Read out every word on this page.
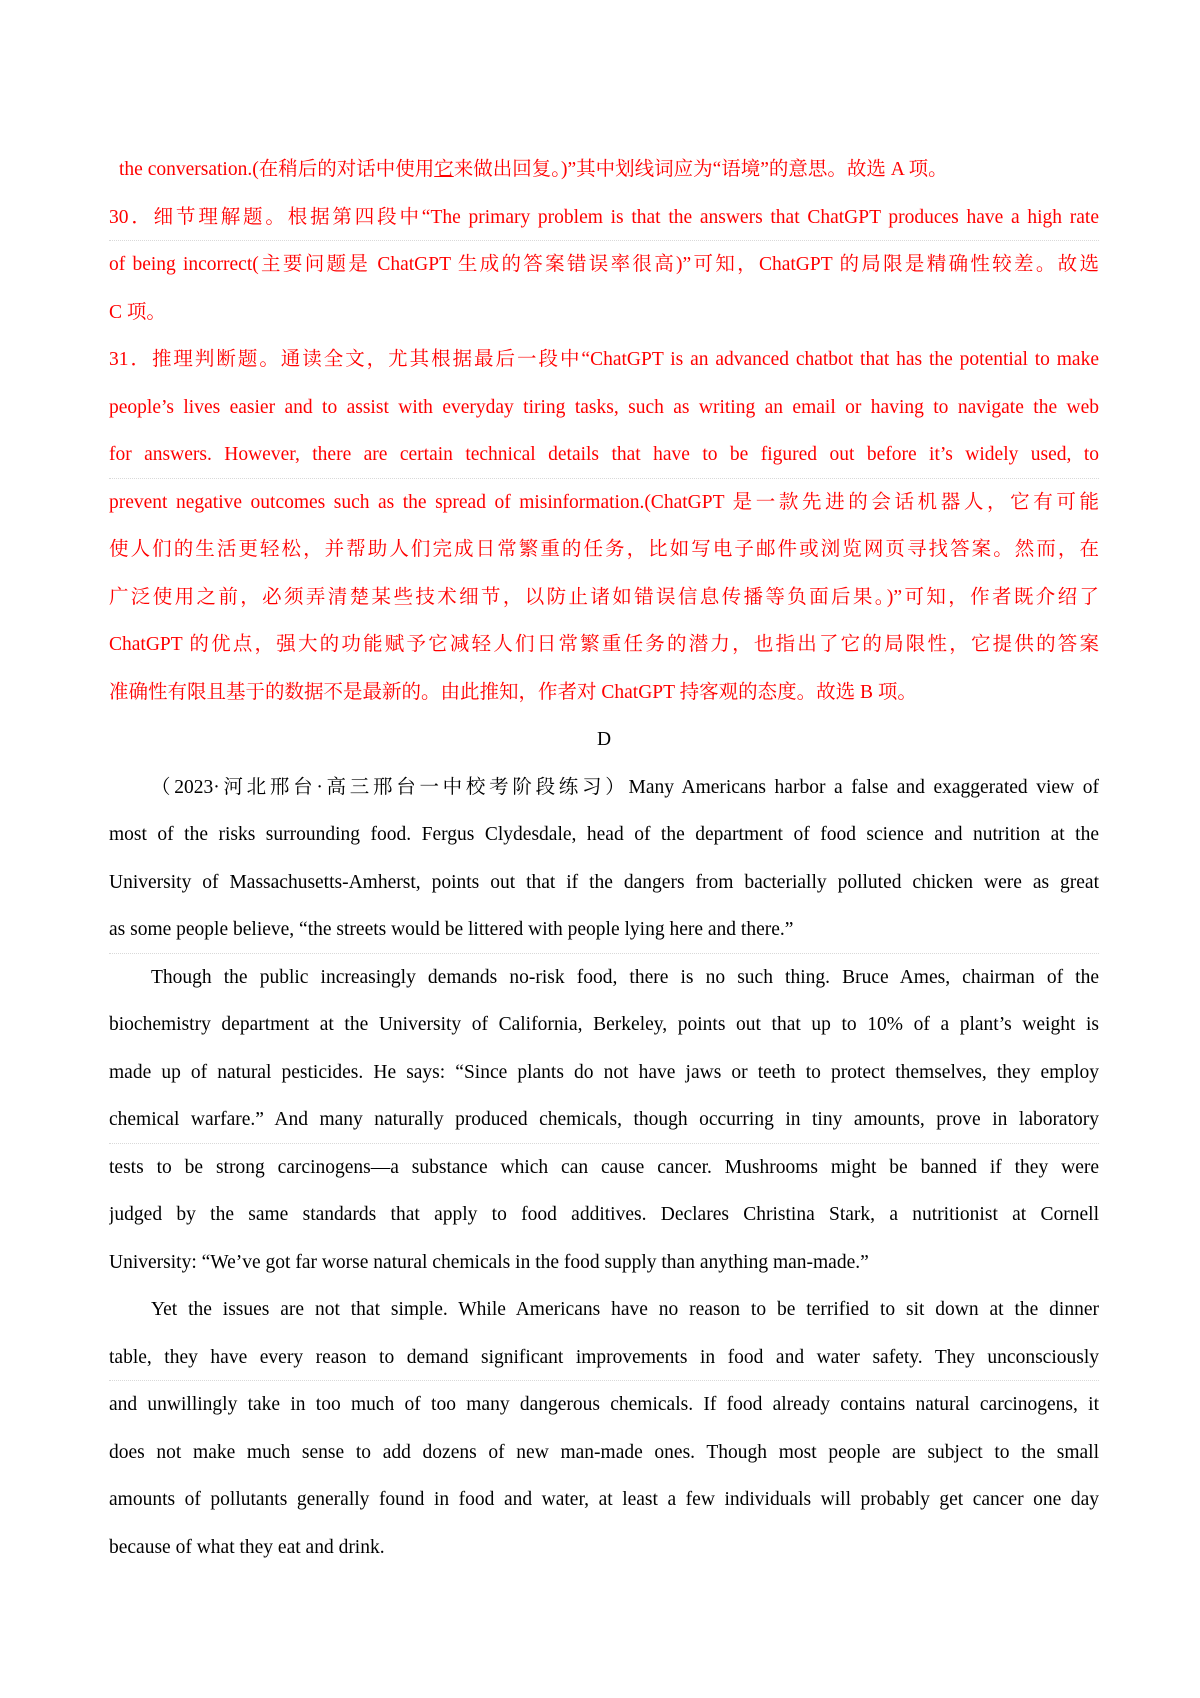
the conversation.(在稍后的对话中使用它来做出回复。)”其中划线词应为“语境”的意思。故选 A 项。
30．细节理解题。根据第四段中“The primary problem is that the answers that ChatGPT produces have a high rate
of being incorrect(主要问题是 ChatGPT 生成的答案错误率很高)”可知，ChatGPT 的局限是精确性较差。故选
C 项。
31．推理判断题。通读全文，尤其根据最后一段中“ChatGPT is an advanced chatbot that has the potential to make
people’s lives easier and to assist with everyday tiring tasks, such as writing an email or having to navigate the web
for answers. However, there are certain technical details that have to be figured out before it’s widely used, to
prevent negative outcomes such as the spread of misinformation.(ChatGPT 是一款先进的会话机器人，它有可能
使人们的生活更轻松，并帮助人们完成日常繁重的任务，比如写电子邮件或浏览网页寻找答案。然而，在
广泛使用之前，必须弄清楚某些技术细节，以防止诸如错误信息传播等负面后果。)”可知，作者既介绍了
ChatGPT 的优点，强大的功能赋予它减轻人们日常繁重任务的潜力，也指出了它的局限性，它提供的答案
准确性有限且基于的数据不是最新的。由此推知，作者对 ChatGPT 持客观的态度。故选 B 项。
D
（2023·河北邢台·高三邢台一中校考阶段练习）Many Americans harbor a false and exaggerated view of
most of the risks surrounding food. Fergus Clydesdale, head of the department of food science and nutrition at the
University of Massachusetts-Amherst, points out that if the dangers from bacterially polluted chicken were as great
as some people believe, “the streets would be littered with people lying here and there.”
Though the public increasingly demands no-risk food, there is no such thing. Bruce Ames, chairman of the
biochemistry department at the University of California, Berkeley, points out that up to 10% of a plant’s weight is
made up of natural pesticides. He says: “Since plants do not have jaws or teeth to protect themselves, they employ
chemical warfare.” And many naturally produced chemicals, though occurring in tiny amounts, prove in laboratory
tests to be strong carcinogens—a substance which can cause cancer. Mushrooms might be banned if they were
judged by the same standards that apply to food additives. Declares Christina Stark, a nutritionist at Cornell
University: “We’ve got far worse natural chemicals in the food supply than anything man-made.”
Yet the issues are not that simple. While Americans have no reason to be terrified to sit down at the dinner
table, they have every reason to demand significant improvements in food and water safety. They unconsciously
and unwillingly take in too much of too many dangerous chemicals. If food already contains natural carcinogens, it
does not make much sense to add dozens of new man-made ones. Though most people are subject to the small
amounts of pollutants generally found in food and water, at least a few individuals will probably get cancer one day
because of what they eat and drink.
